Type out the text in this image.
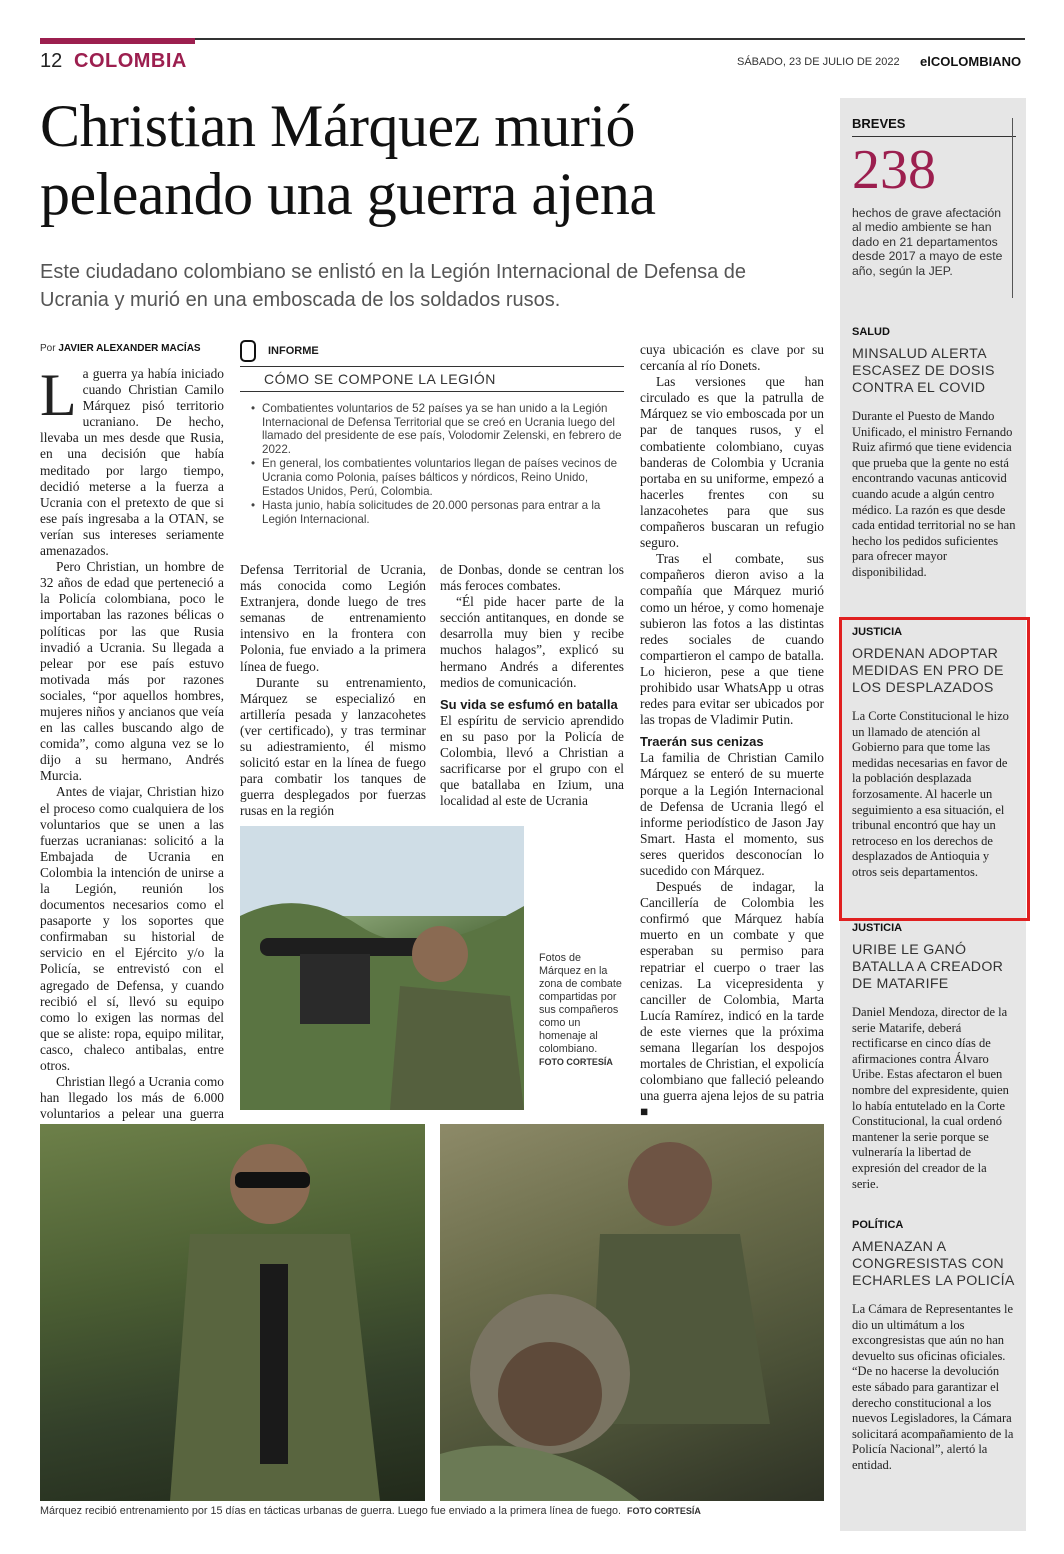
12 COLOMBIA	SÁBADO, 23 DE JULIO DE 2022 elCOLOMBIANO
Christian Márquez murió
peleando una guerra ajena
Este ciudadano colombiano se enlistó en la Legión Internacional de Defensa de Ucrania y murió en una emboscada de los soldados rusos.
Por JAVIER ALEXANDER MACÍAS

La guerra ya había iniciado cuando Christian Camilo Márquez pisó territorio ucraniano. De hecho, llevaba un mes desde que Rusia, en una decisión que había meditado por largo tiempo, decidió meterse a la fuerza a Ucrania con el pretexto de que si ese país ingresaba a la OTAN, se verían sus intereses seriamente amenazados.

Pero Christian, un hombre de 32 años de edad que perteneció a la Policía colombiana, poco le importaban las razones bélicas o políticas por las que Rusia invadió a Ucrania. Su llegada a pelear por ese país estuvo motivada más por razones sociales, “por aquellos hombres, mujeres niños y ancianos que veía en las calles buscando algo de comida”, como alguna vez se lo dijo a su hermano, Andrés Murcia.

Antes de viajar, Christian hizo el proceso como cualquiera de los voluntarios que se unen a las fuerzas ucranianas: solicitó a la Embajada de Ucrania en Colombia la intención de unirse a la Legión, reunión los documentos necesarios como el pasaporte y los soportes que confirmaban su historial de servicio en el Ejército y/o la Policía, se entrevistó con el agregado de Defensa, y cuando recibió el sí, llevó su equipo como lo exigen las normas del que se aliste: ropa, equipo militar, casco, chaleco antibalas, entre otros.

Christian llegó a Ucrania como han llegado los más de 6.000 voluntarios a pelear una guerra

INFORME
CÓMO SE COMPONE LA LEGIÓN
• Combatientes voluntarios de 52 países ya se han unido a la Legión Internacional de Defensa Territorial que se creó en Ucrania luego del llamado del presidente de ese país, Volodomir Zelenski, en febrero de 2022.
• En general, los combatientes voluntarios llegan de países vecinos de Ucrania como Polonia, países bálticos y nórdicos, Reino Unido, Estados Unidos, Perú, Colombia.
• Hasta junio, había solicitudes de 20.000 personas para entrar a la Legión Internacional.

Defensa Territorial de Ucrania, más conocida como Legión Extranjera, donde luego de tres semanas de entrenamiento intensivo en la frontera con Polonia, fue enviado a la primera línea de fuego.

Durante su entrenamiento, Márquez se especializó en artillería pesada y lanzacohetes (ver certificado), y tras terminar su adiestramiento, él mismo solicitó estar en la línea de fuego para combatir los tanques de guerra desplegados por fuerzas rusas en la región

de Donbas, donde se centran los más feroces combates.

“Él pide hacer parte de la sección antitanques, en donde se desarrolla muy bien y recibe muchos halagos”, explicó su hermano Andrés a diferentes medios de comunicación.

Su vida se esfumó en batalla

El espíritu de servicio aprendido en su paso por la Policía de Colombia, llevó a Christian a sacrificarse por el grupo con el que batallaba en Izium, una localidad al este de Ucrania

cuya ubicación es clave por su cercanía al río Donets.

Las versiones que han circulado es que la patrulla de Márquez se vio emboscada por un par de tanques rusos, y el combatiente colombiano, cuyas banderas de Colombia y Ucrania portaba en su uniforme, empezó a hacerles frentes con su lanzacohetes para que sus compañeros buscaran un refugio seguro.

Tras el combate, sus compañeros dieron aviso a la compañía que Márquez murió como un héroe, y como homenaje subieron las fotos a las distintas redes sociales de cuando compartieron el campo de batalla. Lo hicieron, pese a que tiene prohibido usar WhatsApp u otras redes para evitar ser ubicados por las tropas de Vladimir Putin.

Traerán sus cenizas

La familia de Christian Camilo Márquez se enteró de su muerte porque a la Legión Internacional de Defensa de Ucrania llegó el informe periodístico de Jason Jay Smart. Hasta el momento, sus seres queridos desconocían lo sucedido con Márquez.

Después de indagar, la Cancillería de Colombia les confirmó que Márquez había muerto en un combate y que esperaban su permiso para repatriar el cuerpo o traer las cenizas. La vicepresidenta y canciller de Colombia, Marta Lucía Ramírez, indicó en la tarde de este viernes que la próxima semana llegarían los despojos mortales de Christian, el expolicía colombiano que falleció peleando una guerra ajena lejos de su patria ■

Fotos de Márquez en la zona de combate compartidas por sus compañeros como un homenaje al colombiano.
FOTO CORTESÍA
Márquez recibió entrenamiento por 15 días en tácticas urbanas de guerra. Luego fue enviado a la primera línea de fuego. FOTO CORTESÍA
BREVES
238
hechos de grave afectación al medio ambiente se han dado en 21 departamentos desde 2017 a mayo de este año, según la JEP.
SALUD
MINSALUD ALERTA ESCASEZ DE DOSIS CONTRA EL COVID
Durante el Puesto de Mando Unificado, el ministro Fernando Ruiz afirmó que tiene evidencia que prueba que la gente no está encontrando vacunas anticovid cuando acude a algún centro médico. La razón es que desde cada entidad territorial no se han hecho los pedidos suficientes para ofrecer mayor disponibilidad.
JUSTICIA
ORDENAN ADOPTAR MEDIDAS EN PRO DE LOS DESPLAZADOS
La Corte Constitucional le hizo un llamado de atención al Gobierno para que tome las medidas necesarias en favor de la población desplazada forzosamente. Al hacerle un seguimiento a esa situación, el tribunal encontró que hay un retroceso en los derechos de desplazados de Antioquia y otros seis departamentos.
JUSTICIA
URIBE LE GANÓ BATALLA A CREADOR DE MATARIFE
Daniel Mendoza, director de la serie Matarife, deberá rectificarse en cinco días de afirmaciones contra Álvaro Uribe. Estas afectaron el buen nombre del expresidente, quien lo había entutelado en la Corte Constitucional, la cual ordenó mantener la serie porque se vulneraría la libertad de expresión del creador de la serie.
POLÍTICA
AMENAZAN A CONGRESISTAS CON ECHARLES LA POLICÍA
La Cámara de Representantes le dio un ultimátum a los excongresistas que aún no han devuelto sus oficinas oficiales. “De no hacerse la devolución este sábado para garantizar el derecho constitucional a los nuevos Legisladores, la Cámara solicitará acompañamiento de la Policía Nacional”, alertó la entidad.
